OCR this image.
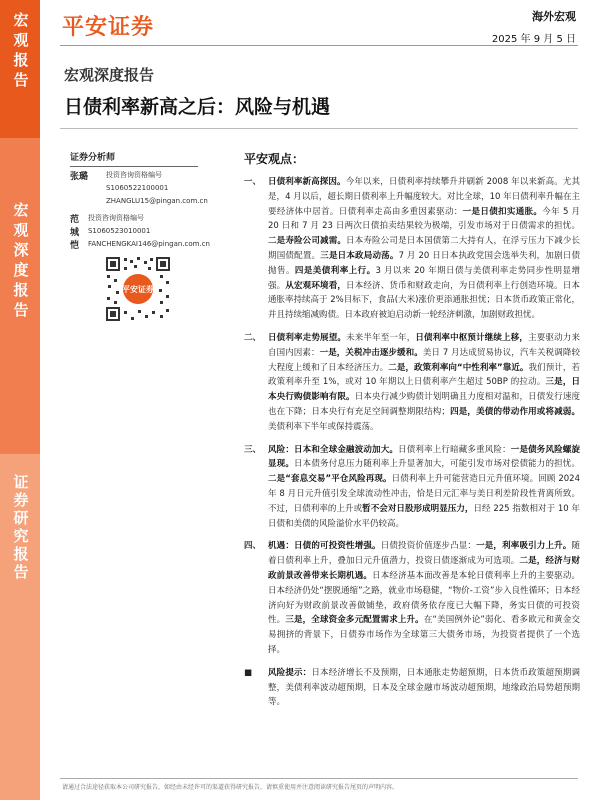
宏观报告
宏观深度报告
证券研究报告
平安证券	海外宏观
2025 年 9 月 5 日
宏观深度报告
日债利率新高之后：风险与机遇
证券分析师
张璐	投资咨询资格编号
S1060522100001
ZHANGLU15@pingan.com.cn
范城恺
投资咨询资格编号
S1060523010001
FANCHENGKAI146@pingan.com.cn
平安证券
平安观点：
一、 日债利率新高探因。今年以来，日债利率持续攀升并刷新 2008 年以来新高。尤其是，4 月以后，超长期日债利率上升幅度较大。对比全球，10 年日债利率升幅在主要经济体中居首。日债利率走高由多重因素驱动：一是日债扣实通胀。今年 5 月 20 日和 7 月 23 日两次日债拍卖结果较为极端，引发市场对于日债需求的担忧。二是寿险公司减需。日本寿险公司是日本国债第二大持有人，在浮亏压力下减少长期国债配置。三是日本政局动荡。7 月 20 日日本执政党国会选举失利，加剧日债抛售。四是美债利率上行。3 月以来 20 年期日债与美债利率走势同步性明显增强。从宏观环境看，日本经济、货币和财政走向，为日债利率上行创造环境。日本通胀率持续高于 2%目标下，食品(大米)涨价更添通胀担忧；日本货币政策正常化，并且持续缩减购债。日本政府被迫启动新一轮经济刺激，加剧财政担忧。
二、 日债利率走势展望。未来半年至一年，日债利率中枢预计继续上移，主要驱动力来自国内因素：一是，关税冲击逐步缓和。美日 7 月达成贸易协议，汽车关税调降较大程度上缓和了日本经济压力。二是，政策利率向“中性利率”靠近。我们预计，若政策利率升至 1%，或对 10 年期以上日债利率产生超过 50BP 的拉动。三是，日本央行购债影响有限。日本央行减少购债计划明确且力度相对温和，日债发行速度也在下降；日本央行有充足空间调整期限结构；四是，美债的带动作用或将减弱。美债利率下半年或保持震荡。
三、 风险：日本和全球金融波动加大。日债利率上行暗藏多重风险：一是债务风险螺旋显现。日本债务付息压力随利率上升显著加大，可能引发市场对偿债能力的担忧。二是“套息交易”平仓风险再现。日债利率上升可能营造日元升值环境。回顾 2024 年 8 月日元升值引发全球流动性冲击，恰是日元汇率与美日利差阶段性背离所致。不过，日债利率的上升或暂不会对日股形成明显压力，日经 225 指数相对于 10 年日债和美债的风险溢价水平仍较高。
四、 机遇：日债的可投资性增强。日债投资价值逐步凸显：一是，利率吸引力上升。随着日债利率上升，叠加日元升值潜力，投资日债逐渐成为可选项。二是，经济与财政前景改善带来长期机遇。日本经济基本面改善是本轮日债利率上升的主要驱动。日本经济仍处“摆脱通缩”之路，就业市场稳健，“物价-工资”步入良性循环；日本经济向好为财政前景改善做铺垫，政府债务依存度已大幅下降，务实日债的可投资性。三是，全球资金多元配置需求上升。在“美国例外论”弱化、看多欧元和黄金交易拥挤的背景下，日债券市场作为全球第三大债务市场，为投资者提供了一个选择。
■	风险提示：日本经济增长不及预期，日本通胀走势超预期，日本货币政策超预期调整，美债利率波动超预期，日本及全球金融市场波动超预期，地缘政治局势超预期等。
请通过合法途径获取本公司研究报告，如经由未经许可的渠道获得研究报告，请慎重使用并注意阅读研究报告尾页的声明内容。
